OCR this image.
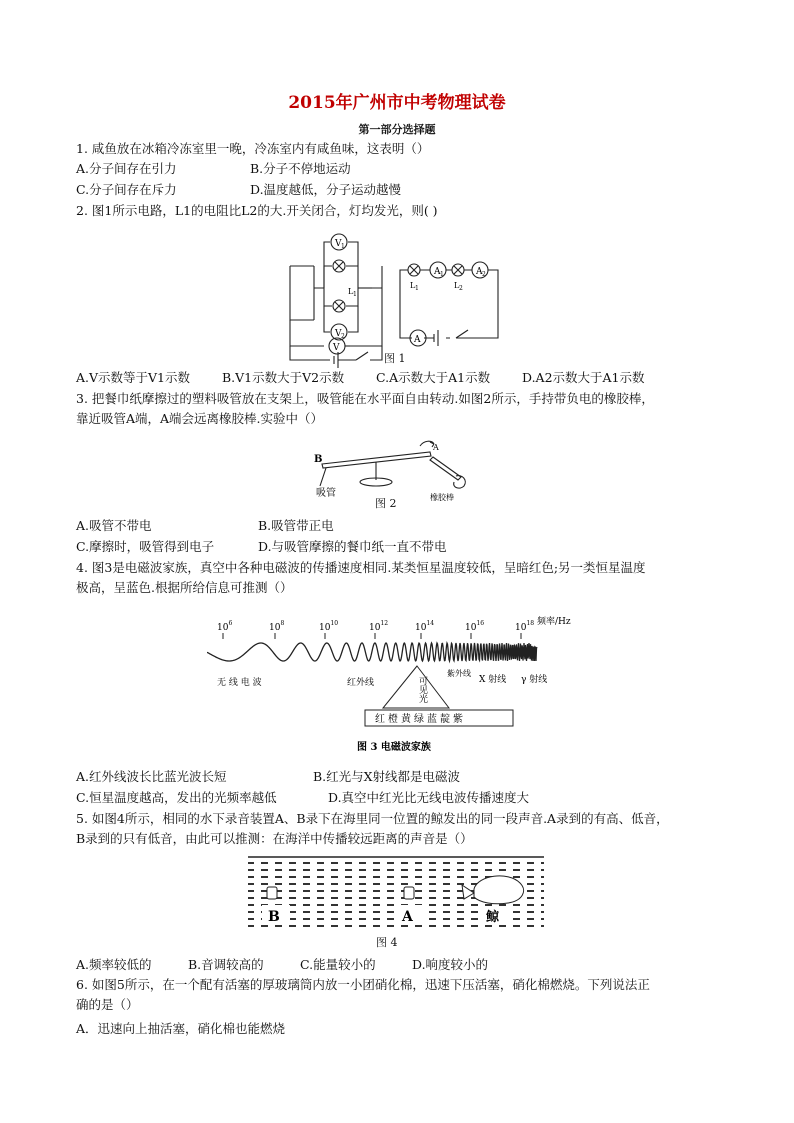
2015年广州市中考物理试卷
第一部分选择题
1. 咸鱼放在冰箱冷冻室里一晚，冷冻室内有咸鱼味，这表明（）
A.分子间存在引力	B.分子不停地运动
C.分子间存在斥力	D.温度越低，分子运动越慢
2. 图1所示电路，L1的电阻比L2的大.开关闭合，灯均发光，则( )
V 1
V 2
V
L 1
A 1	A 2
A
L 1	L 2
图 1
A.V示数等于V1示数	B.V1示数大于V2示数	C.A示数大于A1示数	D.A2示数大于A1示数
3. 把餐巾纸摩擦过的塑料吸管放在支架上，吸管能在水平面自由转动.如图2所示，手持带负电的橡胶棒，
靠近吸管A端，A端会远离橡胶棒.实验中（）
B
A
吸管	橡胶棒
图 2
A.吸管不带电	B.吸管带正电
C.摩擦时，吸管得到电子	D.与吸管摩擦的餐巾纸一直不带电
4. 图3是电磁波家族，真空中各种电磁波的传播速度相同.某类恒星温度较低，呈暗红色;另一类恒星温度
极高，呈蓝色.根据所给信息可推测（）
$10^6$	$10^8$	$10^{10}$	$10^{12}$	$10^{14}$	$10^{16}$	$10^{18}$
无 线 电 波	红外线
紫外线
X 射线 γ 射线
可见光
红橙黄绿蓝靛紫
频率/Hz
图 3 电磁波家族
A.红外线波长比蓝光波长短	B.红光与X射线都是电磁波
C.恒星温度越高，发出的光频率越低	D.真空中红光比无线电波传播速度大
5. 如图4所示，相同的水下录音装置A、B录下在海里同一位置的鲸发出的同一段声音.A录到的有高、低音，
B录到的只有低音，由此可以推测：在海洋中传播较远距离的声音是（）
B	A	鲸
图 4
A.频率较低的	B.音调较高的	C.能量较小的	D.响度较小的
6. 如图5所示，在一个配有活塞的厚玻璃筒内放一小团硝化棉，迅速下压活塞，硝化棉燃烧。下列说法正
确的是（）
A．迅速向上抽活塞，硝化棉也能燃烧
